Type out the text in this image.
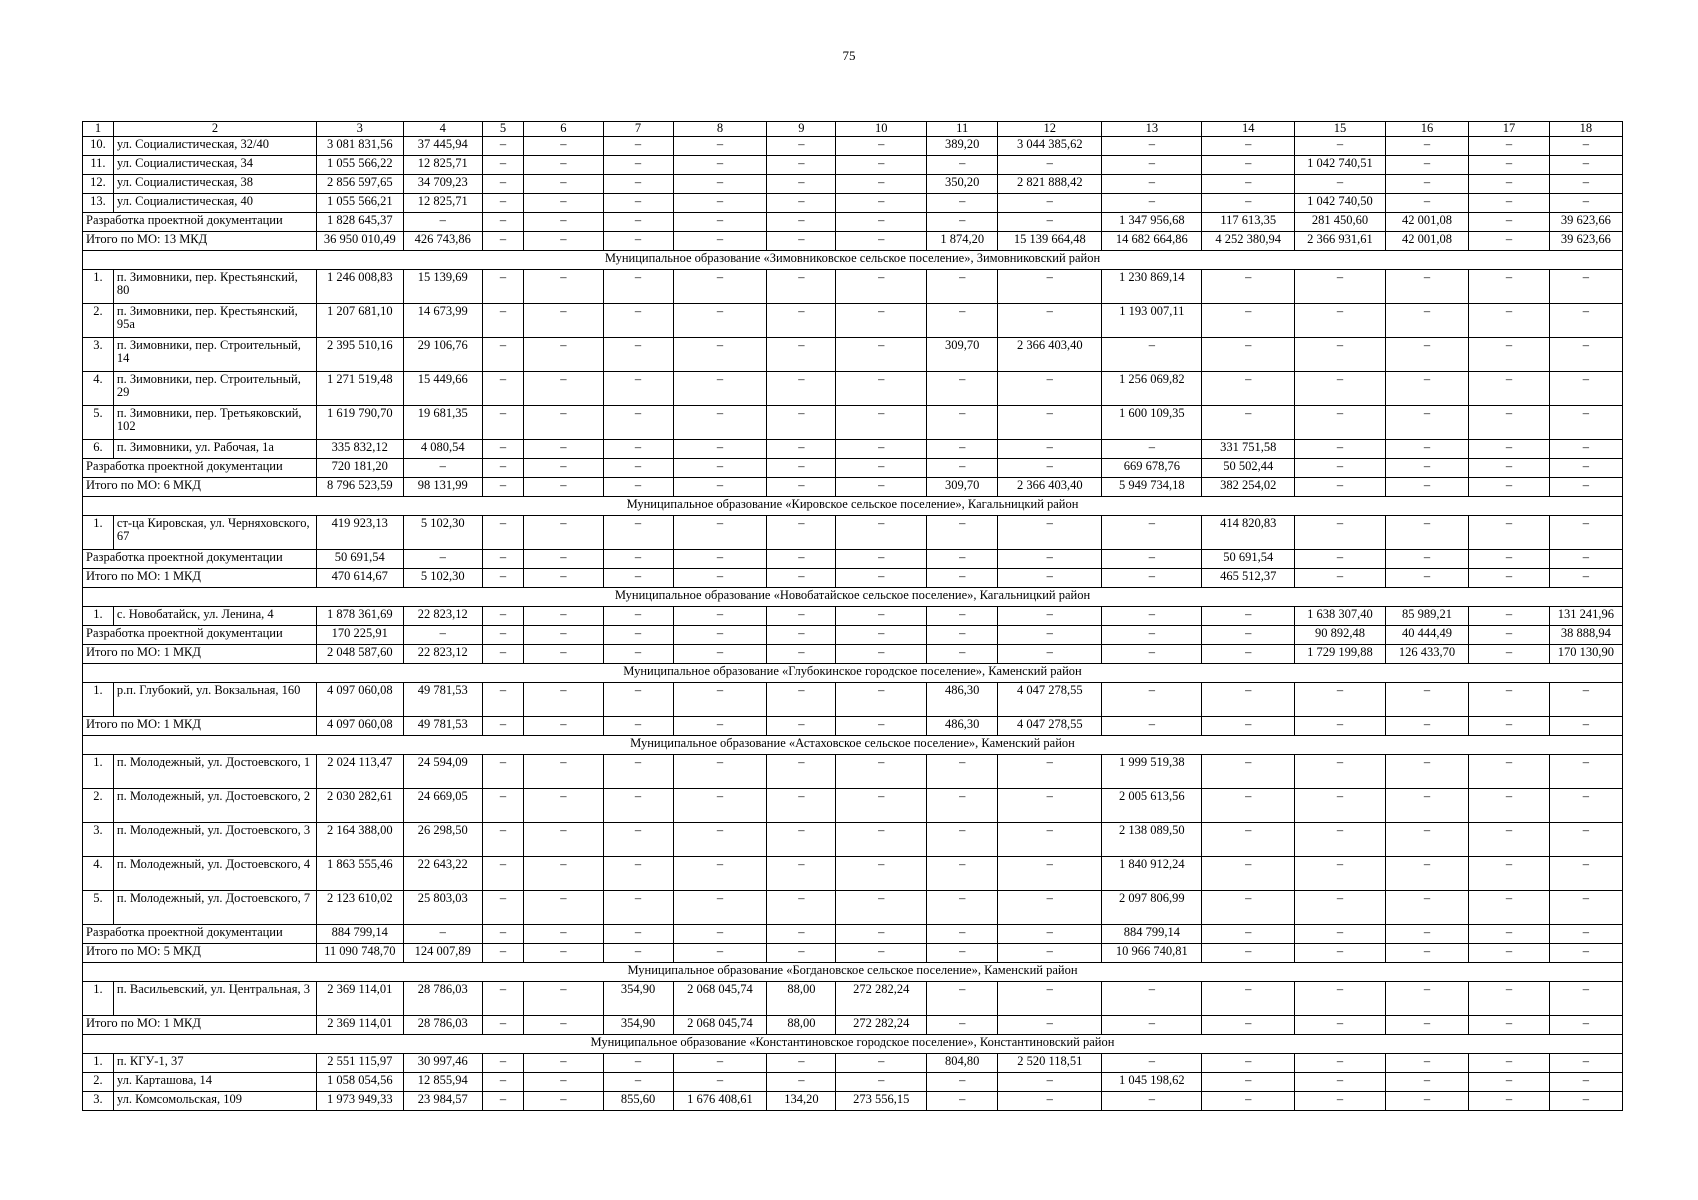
75
1	2	3	4	5	6	7	8	9	10	11	12	13	14	15	16	17	18
10.	ул. Социалистическая, 32/40	3 081 831,56	37 445,94	–	–	–	–	–	–	389,20	3 044 385,62	–	–	–	–	–	–
11.	ул. Социалистическая, 34	1 055 566,22	12 825,71	–	–	–	–	–	–	–	–	–	–	1 042 740,51	–	–	–
12.	ул. Социалистическая, 38	2 856 597,65	34 709,23	–	–	–	–	–	–	350,20	2 821 888,42	–	–	–	–	–	–
13.	ул. Социалистическая, 40	1 055 566,21	12 825,71	–	–	–	–	–	–	–	–	–	–	1 042 740,50	–	–	–
Разработка проектной документации		1 828 645,37	–	–	–	–	–	–	–	–	–	1 347 956,68	117 613,35	281 450,60	42 001,08	–	39 623,66
Итого по МО: 13 МКД		36 950 010,49	426 743,86	–	–	–	–	–	–	1 874,20	15 139 664,48	14 682 664,86	4 252 380,94	2 366 931,61	42 001,08	–	39 623,66
Муниципальное образование «Зимовниковское сельское поселение», Зимовниковский район																	
1.	п. Зимовники, пер. Крестьянский, 80	1 246 008,83	15 139,69	–	–	–	–	–	–	–	–	1 230 869,14	–	–	–	–	–
2.	п. Зимовники, пер. Крестьянский, 95а	1 207 681,10	14 673,99	–	–	–	–	–	–	–	–	1 193 007,11	–	–	–	–	–
3.	п. Зимовники, пер. Строительный, 14	2 395 510,16	29 106,76	–	–	–	–	–	–	309,70	2 366 403,40	–	–	–	–	–	–
4.	п. Зимовники, пер. Строительный, 29	1 271 519,48	15 449,66	–	–	–	–	–	–	–	–	1 256 069,82	–	–	–	–	–
5.	п. Зимовники, пер. Третьяковский, 102	1 619 790,70	19 681,35	–	–	–	–	–	–	–	–	1 600 109,35	–	–	–	–	–
6.	п. Зимовники, ул. Рабочая, 1а	335 832,12	4 080,54	–	–	–	–	–	–	–	–	–	331 751,58	–	–	–	–
Разработка проектной документации		720 181,20	–	–	–	–	–	–	–	–	–	669 678,76	50 502,44	–	–	–	–
Итого по МО: 6 МКД		8 796 523,59	98 131,99	–	–	–	–	–	–	309,70	2 366 403,40	5 949 734,18	382 254,02	–	–	–	–
Муниципальное образование «Кировское сельское поселение», Кагальницкий район																	
1.	ст-ца Кировская, ул. Черняховского, 67	419 923,13	5 102,30	–	–	–	–	–	–	–	–	–	414 820,83	–	–	–	–
Разработка проектной документации		50 691,54	–	–	–	–	–	–	–	–	–	–	50 691,54	–	–	–	–
Итого по МО: 1 МКД		470 614,67	5 102,30	–	–	–	–	–	–	–	–	–	465 512,37	–	–	–	–
Муниципальное образование «Новобатайское сельское поселение», Кагальницкий район																	
1.	с. Новобатайск, ул. Ленина, 4	1 878 361,69	22 823,12	–	–	–	–	–	–	–	–	–	–	1 638 307,40	85 989,21	–	131 241,96
Разработка проектной документации		170 225,91	–	–	–	–	–	–	–	–	–	–	–	90 892,48	40 444,49	–	38 888,94
Итого по МО: 1 МКД		2 048 587,60	22 823,12	–	–	–	–	–	–	–	–	–	–	1 729 199,88	126 433,70	–	170 130,90
Муниципальное образование «Глубокинское городское поселение», Каменский район																	
1.	р.п. Глубокий, ул. Вокзальная, 160	4 097 060,08	49 781,53	–	–	–	–	–	–	486,30	4 047 278,55	–	–	–	–	–	–
Итого по МО: 1 МКД		4 097 060,08	49 781,53	–	–	–	–	–	–	486,30	4 047 278,55	–	–	–	–	–	–
Муниципальное образование «Астаховское сельское поселение», Каменский район																	
1.	п. Молодежный, ул. Достоевского, 1	2 024 113,47	24 594,09	–	–	–	–	–	–	–	–	1 999 519,38	–	–	–	–	–
2.	п. Молодежный, ул. Достоевского, 2	2 030 282,61	24 669,05	–	–	–	–	–	–	–	–	2 005 613,56	–	–	–	–	–
3.	п. Молодежный, ул. Достоевского, 3	2 164 388,00	26 298,50	–	–	–	–	–	–	–	–	2 138 089,50	–	–	–	–	–
4.	п. Молодежный, ул. Достоевского, 4	1 863 555,46	22 643,22	–	–	–	–	–	–	–	–	1 840 912,24	–	–	–	–	–
5.	п. Молодежный, ул. Достоевского, 7	2 123 610,02	25 803,03	–	–	–	–	–	–	–	–	2 097 806,99	–	–	–	–	–
Разработка проектной документации		884 799,14	–	–	–	–	–	–	–	–	–	884 799,14	–	–	–	–	–
Итого по МО: 5 МКД		11 090 748,70	124 007,89	–	–	–	–	–	–	–	–	10 966 740,81	–	–	–	–	–
Муниципальное образование «Богдановское сельское поселение», Каменский район																	
1.	п. Васильевский, ул. Центральная, 3	2 369 114,01	28 786,03	–	–	354,90	2 068 045,74	88,00	272 282,24	–	–	–	–	–	–	–	–
Итого по МО: 1 МКД		2 369 114,01	28 786,03	–	–	354,90	2 068 045,74	88,00	272 282,24	–	–	–	–	–	–	–	–
Муниципальное образование «Константиновское городское поселение», Константиновский район																	
1.	п. КГУ-1, 37	2 551 115,97	30 997,46	–	–	–	–	–	–	804,80	2 520 118,51	–	–	–	–	–	–
2.	ул. Карташова, 14	1 058 054,56	12 855,94	–	–	–	–	–	–	–	–	1 045 198,62	–	–	–	–	–
3.	ул. Комсомольская, 109	1 973 949,33	23 984,57	–	–	855,60	1 676 408,61	134,20	273 556,15	–	–	–	–	–	–	–	–
